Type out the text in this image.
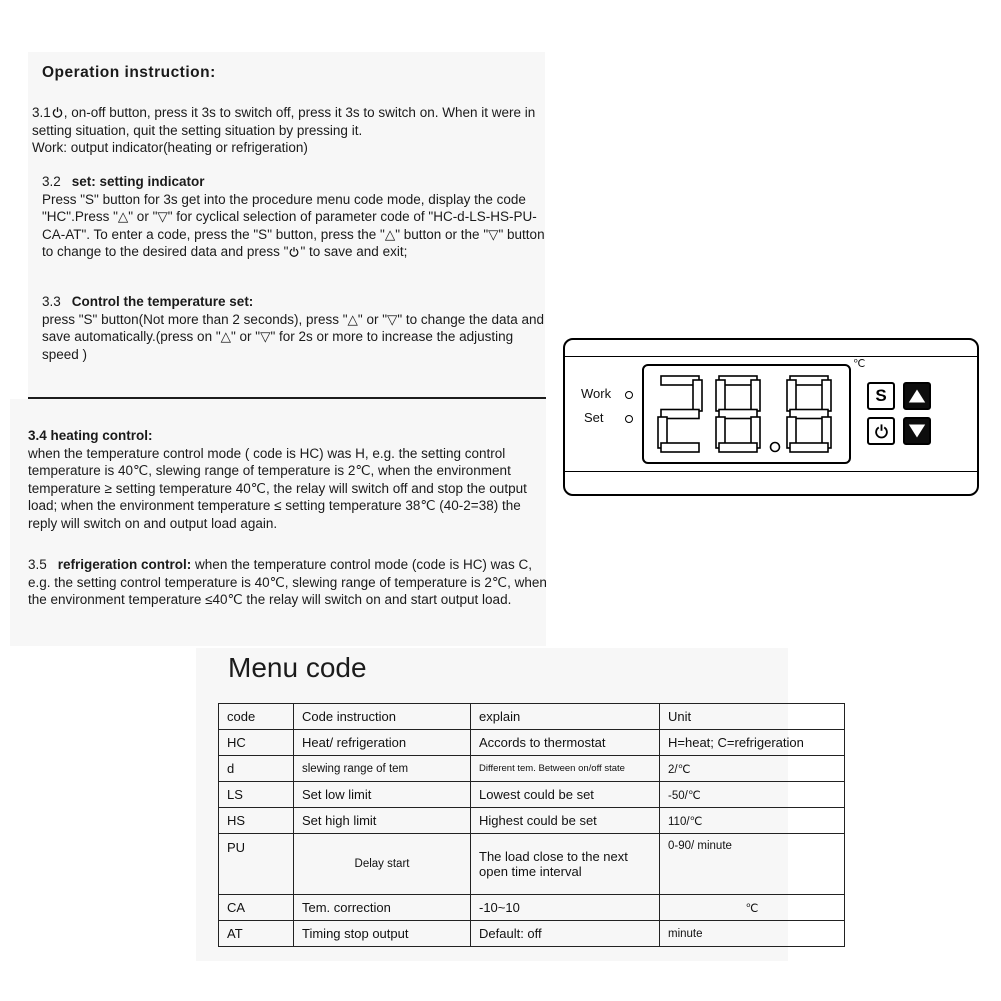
Operation instruction:
3.1 , on-off button, press it 3s to switch off, press it 3s to switch on. When it were in setting situation, quit the setting situation by pressing it.
Work: output indicator(heating or refrigeration)
3.2 set: setting indicator
Press "S" button for 3s get into the procedure menu code mode, display the code "HC".Press "△" or "▽" for cyclical selection of parameter code of "HC-d-LS-HS-PU-CA-AT". To enter a code, press the "S" button, press the "△" button or the "▽" button to change to the desired data and press " " to save and exit;
3.3 Control the temperature set:
press "S" button(Not more than 2 seconds), press "△" or "▽" to change the data and save automatically.(press on "△" or "▽" for 2s or more to increase the adjusting speed )
3.4 heating control:
when the temperature control mode ( code is HC) was H, e.g. the setting control temperature is 40℃, slewing range of temperature is 2℃, when the environment temperature ≥ setting temperature 40℃, the relay will switch off and stop the output load; when the environment temperature ≤ setting temperature 38℃ (40-2=38) the reply will switch on and output load again.
3.5 refrigeration control: when the temperature control mode (code is HC) was C, e.g. the setting control temperature is 40℃, slewing range of temperature is 2℃, when the environment temperature ≤40℃ the relay will switch on and start output load.
Work
Set
℃
S
Menu code
code	Code instruction	explain	Unit
HC	Heat/ refrigeration	Accords to thermostat	H=heat; C=refrigeration
d	slewing range of tem	Different tem. Between on/off state	2/℃
LS	Set low limit	Lowest could be set	-50/℃
HS	Set high limit	Highest could be set	110/℃
PU	Delay start	The load close to the next open time interval	0-90/ minute
CA	Tem. correction	-10~10	℃
AT	Timing stop output	Default: off	minute
